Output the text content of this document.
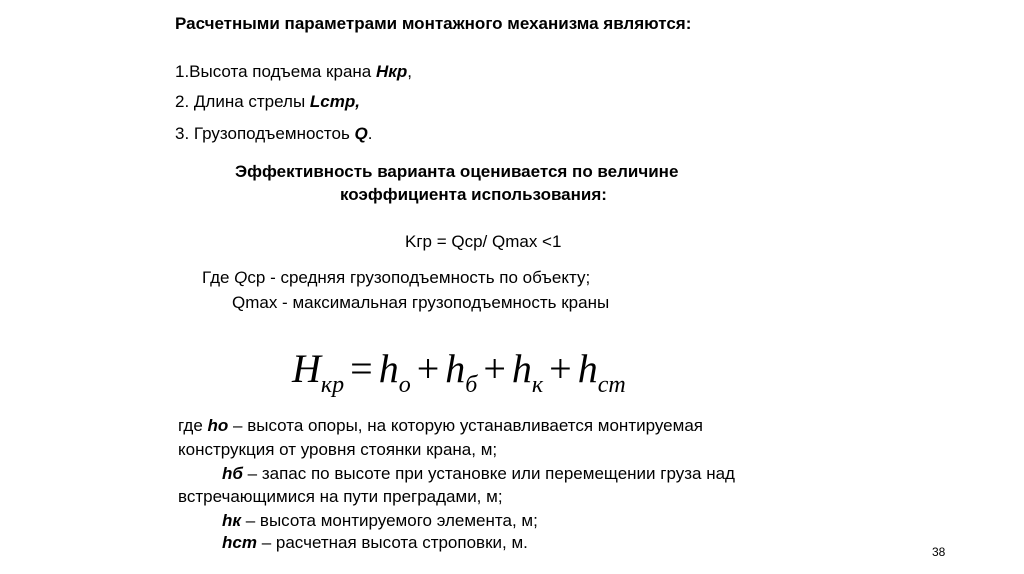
Расчетными параметрами монтажного механизма являются:
1.Высота подъема крана Нкр,
2. Длина стрелы Lстр,
3. Грузоподъемностоь Q.
Эффективность варианта оценивается по величине
коэффициента использования:
Kгр = Qср/ Qmax <1
Где Qср - средняя грузоподъемность по объекту;
Qmax - максимальная грузоподъемность краны
$H_{кр} = h_о + h_б + h_к + h_{ст}$
где hо – высота опоры, на которую устанавливается монтируемая
конструкция от уровня стоянки крана, м;
hб – запас по высоте при установке или перемещении груза над
встречающимися на пути преградами, м;
hк – высота монтируемого элемента, м;
hст – расчетная высота строповки, м.	38
